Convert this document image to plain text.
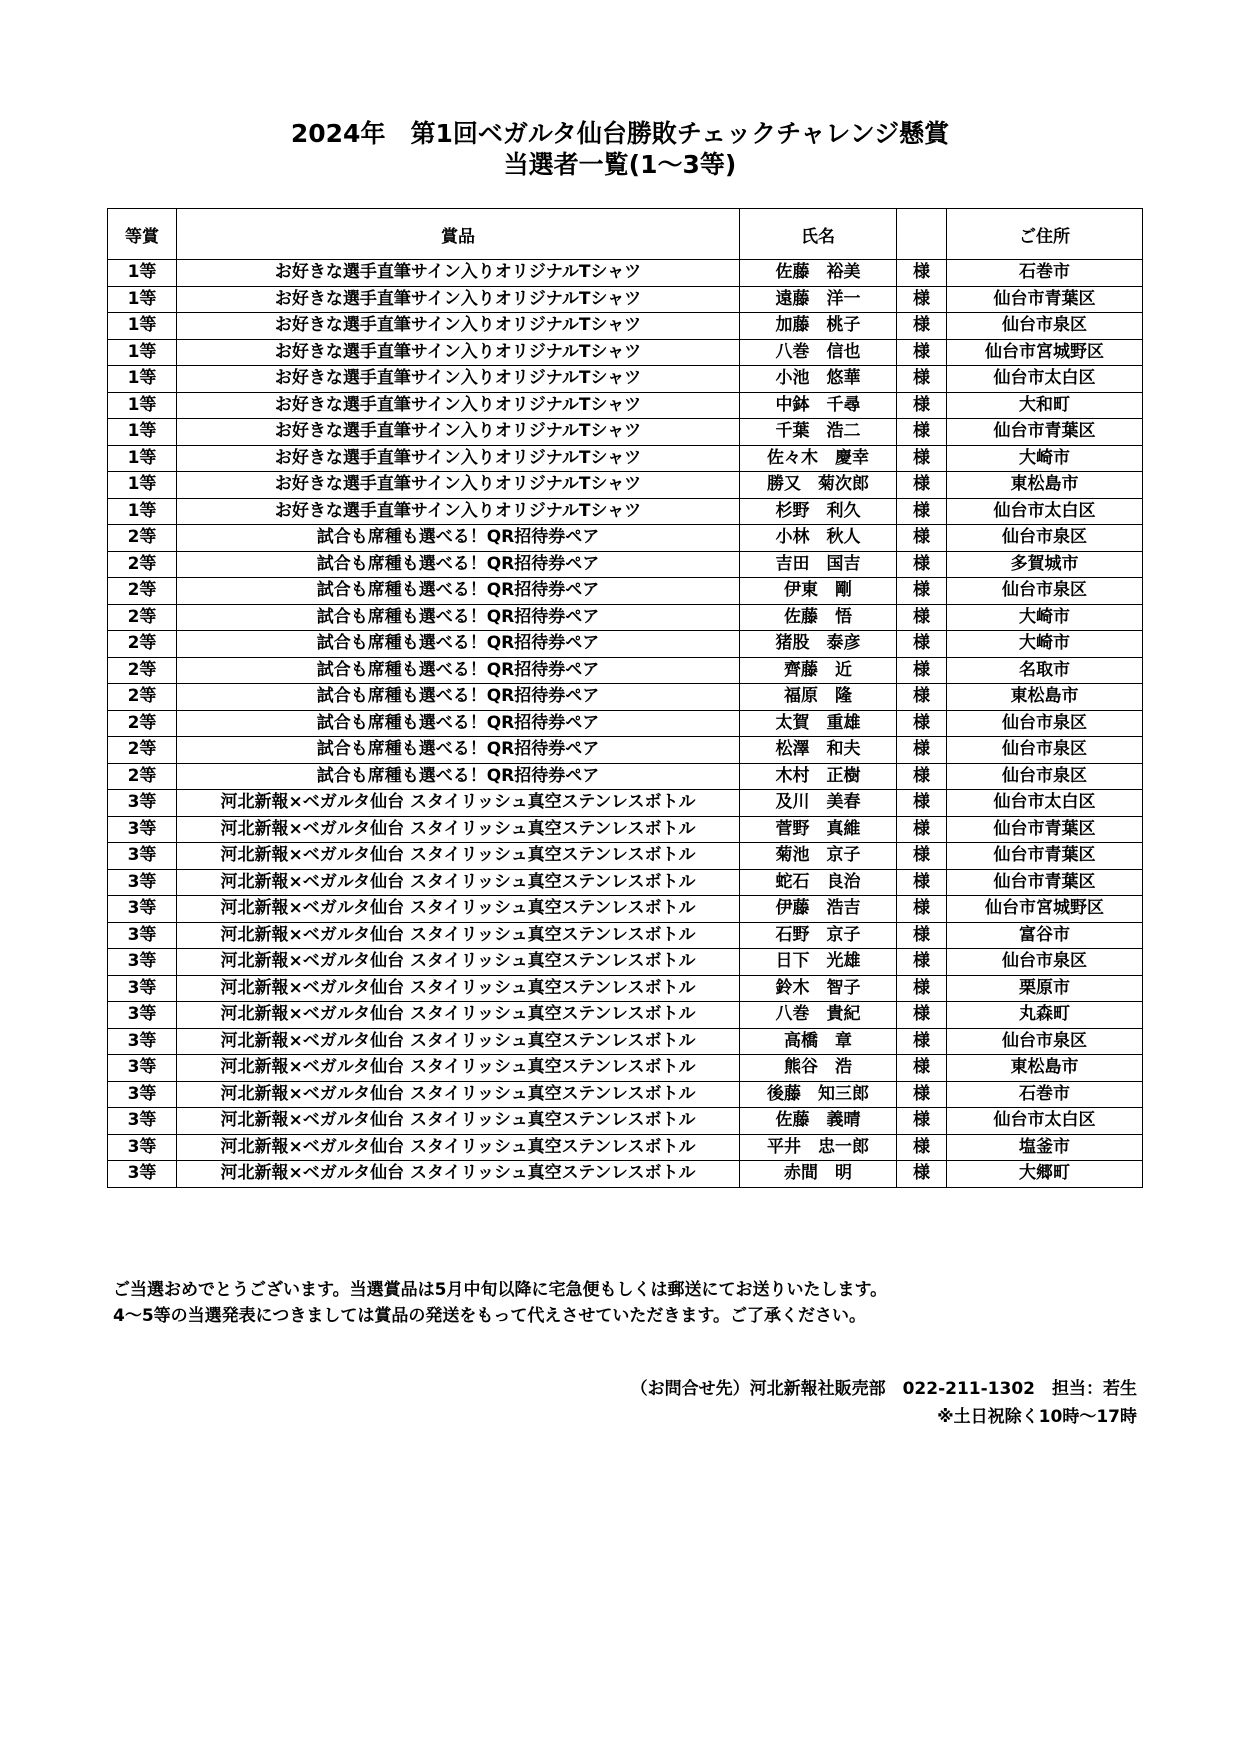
2024年　第1回ベガルタ仙台勝敗チェックチャレンジ懸賞
当選者一覧(1～3等)
等賞	賞品	氏名		ご住所
1等	お好きな選手直筆サイン入りオリジナルTシャツ	佐藤　裕美	様	石巻市
1等	お好きな選手直筆サイン入りオリジナルTシャツ	遠藤　洋一	様	仙台市青葉区
1等	お好きな選手直筆サイン入りオリジナルTシャツ	加藤　桃子	様	仙台市泉区
1等	お好きな選手直筆サイン入りオリジナルTシャツ	八巻　信也	様	仙台市宮城野区
1等	お好きな選手直筆サイン入りオリジナルTシャツ	小池　悠華	様	仙台市太白区
1等	お好きな選手直筆サイン入りオリジナルTシャツ	中鉢　千尋	様	大和町
1等	お好きな選手直筆サイン入りオリジナルTシャツ	千葉　浩二	様	仙台市青葉区
1等	お好きな選手直筆サイン入りオリジナルTシャツ	佐々木　慶幸	様	大崎市
1等	お好きな選手直筆サイン入りオリジナルTシャツ	勝又　菊次郎	様	東松島市
1等	お好きな選手直筆サイン入りオリジナルTシャツ	杉野　利久	様	仙台市太白区
2等	試合も席種も選べる！QR招待券ペア	小林　秋人	様	仙台市泉区
2等	試合も席種も選べる！QR招待券ペア	吉田　国吉	様	多賀城市
2等	試合も席種も選べる！QR招待券ペア	伊東　剛	様	仙台市泉区
2等	試合も席種も選べる！QR招待券ペア	佐藤　悟	様	大崎市
2等	試合も席種も選べる！QR招待券ペア	猪股　泰彦	様	大崎市
2等	試合も席種も選べる！QR招待券ペア	齊藤　近	様	名取市
2等	試合も席種も選べる！QR招待券ペア	福原　隆	様	東松島市
2等	試合も席種も選べる！QR招待券ペア	太賀　重雄	様	仙台市泉区
2等	試合も席種も選べる！QR招待券ペア	松澤　和夫	様	仙台市泉区
2等	試合も席種も選べる！QR招待券ペア	木村　正樹	様	仙台市泉区
3等	河北新報×ベガルタ仙台 スタイリッシュ真空ステンレスボトル	及川　美春	様	仙台市太白区
3等	河北新報×ベガルタ仙台 スタイリッシュ真空ステンレスボトル	菅野　真維	様	仙台市青葉区
3等	河北新報×ベガルタ仙台 スタイリッシュ真空ステンレスボトル	菊池　京子	様	仙台市青葉区
3等	河北新報×ベガルタ仙台 スタイリッシュ真空ステンレスボトル	蛇石　良治	様	仙台市青葉区
3等	河北新報×ベガルタ仙台 スタイリッシュ真空ステンレスボトル	伊藤　浩吉	様	仙台市宮城野区
3等	河北新報×ベガルタ仙台 スタイリッシュ真空ステンレスボトル	石野　京子	様	富谷市
3等	河北新報×ベガルタ仙台 スタイリッシュ真空ステンレスボトル	日下　光雄	様	仙台市泉区
3等	河北新報×ベガルタ仙台 スタイリッシュ真空ステンレスボトル	鈴木　智子	様	栗原市
3等	河北新報×ベガルタ仙台 スタイリッシュ真空ステンレスボトル	八巻　貴紀	様	丸森町
3等	河北新報×ベガルタ仙台 スタイリッシュ真空ステンレスボトル	高橋　章	様	仙台市泉区
3等	河北新報×ベガルタ仙台 スタイリッシュ真空ステンレスボトル	熊谷　浩	様	東松島市
3等	河北新報×ベガルタ仙台 スタイリッシュ真空ステンレスボトル	後藤　知三郎	様	石巻市
3等	河北新報×ベガルタ仙台 スタイリッシュ真空ステンレスボトル	佐藤　義晴	様	仙台市太白区
3等	河北新報×ベガルタ仙台 スタイリッシュ真空ステンレスボトル	平井　忠一郎	様	塩釜市
3等	河北新報×ベガルタ仙台 スタイリッシュ真空ステンレスボトル	赤間　明	様	大郷町
ご当選おめでとうございます。当選賞品は5月中旬以降に宅急便もしくは郵送にてお送りいたします。
4～5等の当選発表につきましては賞品の発送をもって代えさせていただきます。ご了承ください。
（お問合せ先）河北新報社販売部　022-211-1302　担当：若生
※土日祝除く10時～17時
